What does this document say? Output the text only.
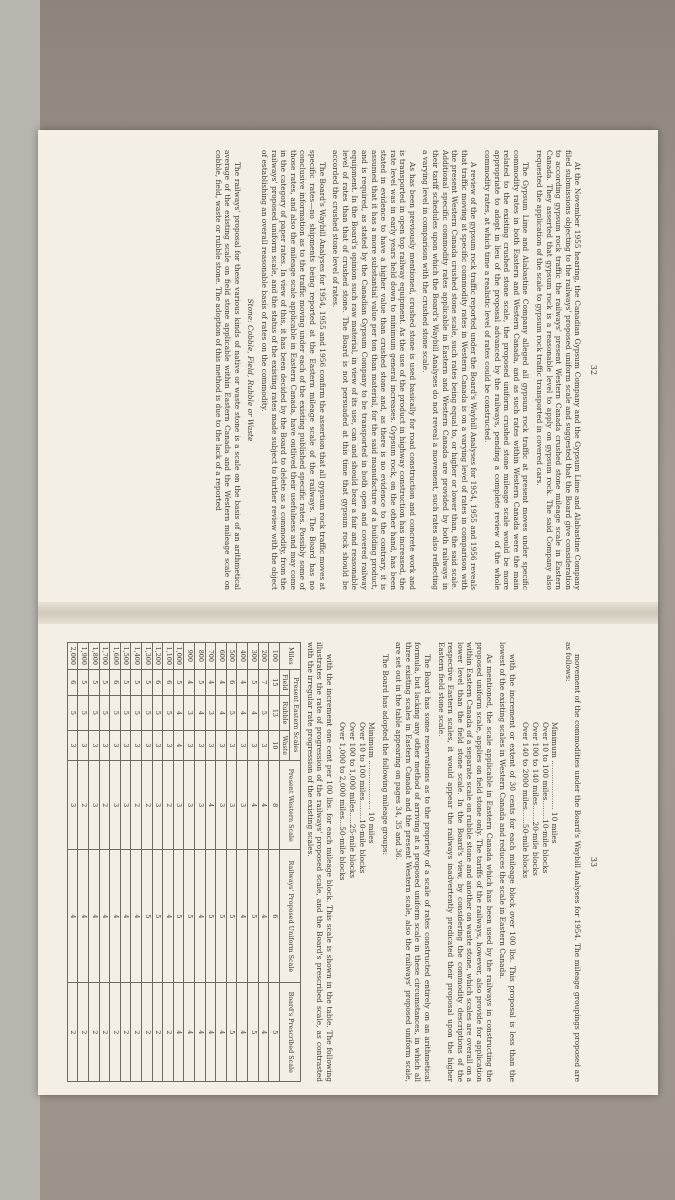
32

At the November 1955 hearing, the Canadian Gypsum Company and the Gypsum Lime and Alabastine Company filed submissions objecting to the railways' proposed uniform scale and suggested that the Board give consideration to according gypsum rock traffic the railways' present Western Canada crushed stone mileage scale in Eastern Canada. They asserted that gypsum rock is a reasonable level to apply on gypsum rock. The said Company also requested the application of the scale to gypsum rock traffic transported in covered cars.

The Gypsum Lime and Alabastine Company alleged all gypsum rock traffic at present moves under specific commodity rates in both Eastern and Western Canada, and as such rates within Western Canada were the main related to the existing crushed stone scale, the proposed uniform crushed stone mileage scale would be more appropriate to adopt in lieu of the proposal advanced by the railways, pending a complete review of the whole commodity rates, at which time a realistic level of rates could be constructed.

A review of the gypsum rock traffic reported under the Board's Waybill Analyses for 1954, 1955 and 1956 reveals that traffic moving at specific commodity rates in Western Canada is on a varying level of rates in comparison with the present Western Canada crushed stone scale, such rates being equal to, or higher or lower than, the said scale. Additional specific commodity rates applicable in Eastern and Western Canada are provided by both railways in their tariff schedules upon which the Board's Waybill Analyses do not reveal a movement, such rates also reflecting a varying level in comparison with the crushed stone scale.

As has been previously mentioned, crushed stone is used basically for road construction and concrete work and is transported in open top railway equipment. As the use of the product in highway construction has increased, the rate level was in early years held down to minimum general increases. Gypsum rock, on the other hand, has been stated in evidence to have a higher value than crushed stone and, as there is no evidence to the contrary, it is assumed that it has a more substantial value per ton than material, for the said manufacture of a building product, and is required, as stated by the Canadian Gypsum Company to be transported in both open and covered railway equipment. In the Board's opinion such raw material, in view of its use, can and should bear a fair and reasonable level of rates than that of crushed stone. The Board is not persuaded at this time that gypsum rock should be accorded the crushed stone level of rates.

The Board's Waybill Analyses for 1954, 1955 and 1956 confirm the assertion that all gypsum rock traffic moves at specific rates—no shipments being reported at the Eastern mileage scale of the railways. The Board has no conclusive information as to the traffic moving under each of the existing published specific rates. Possibly some of those rates, and also the mileage scale applicable in Eastern Canada, have outlived their usefulness and may come in the category of paper rates. In view of this, it has been decided by the Board to delete as a commodity, from the railways' proposed uniform scale, and the status of the existing rates made subject to further review with the object of establishing an overall reasonable basis of rates on the commodity.

Stone: Cobble, Field, Rubble or Waste

The railways' proposal for these various kinds of native or waste stone is a scale on the basis of an arithmetical average of the existing scale on field stone applicable within Eastern Canada and the Western mileage scale on cobble, field, waste or rubble stone. The adoption of this method is due to the lack of a reported

33

movement of the commodities under the Board's Waybill Analyses for 1954. The mileage groupings proposed are as follows:

Minimum ..................... 10 miles
Over 10 to 100 miles........10-mile blocks
Over 100 to 140 miles.......20-mile blocks
Over 140 to 2000 miles......50-mile blocks

with the increment or extent of 30 cents for each mileage block over 100 lbs. This proposal is less than the lowest of the existing scales in Western Canada and reduces the scale in Eastern Canada.

As mentioned, the scale applicable in Eastern Canada which has been used by the railways in constructing the proposed uniform scale, applies on field stone only. The tariffs of the railways, however, also provide for application within Eastern Canada of a separate scale on rubble stone and another on waste stone, which scales are overall on a lower level than the field stone scale. In the Board's view, by considering the commodity descriptions of the respective Eastern scales, it would appear the railways inadvertently predicated their proposal upon the higher Eastern field stone scale.

The Board has some reservations as to the propriety of a scale of rates constructed entirely on an arithmetical formula, but lacking any other method of arriving at a proposed uniform scale in these circumstances, in which all three existing scales in Eastern Canada and the present Western scale, also the railways' proposed uniform scale, are set out in the table appearing on pages 34, 35 and 36.

The Board has adopted the following mileage groups:

Minimum ..................... 10 miles
Over 10 to 100 miles........10-mile blocks
Over 100 to 1,000 miles.....25-mile blocks
Over 1,000 to 2,000 miles...50-mile blocks

with the increment one cent per 100 lbs. for each mileage block. This scale is shown in the table. The following illustrates the rate of progression of the railways' proposed scale, and the Board's prescribed scale, as contrasted with the irregular rate progression of the existing scales.

Miles	Present Eastern Scales			Present Western Scale	Railways' Proposed Uniform Scale	Board's Prescribed Scale
	Field	Rubble	Waste			
100	15	13	10	8	6	5
200	7	5	3	4	4	4
300	5	4	3	4	5	5
400	4	4	3	3	4	4
500	6	5	3	3	5	5
600	4	4	3	3	5	4
700	4	3	3	4	5	4
800	5	4	3	3	4	4
900	4	3	3	3	5	4
1,000	5	4	4	3	5	4
1,100	6	5	3	2	4	2
1,200	6	5	3	3	5	2
1,300	5	5	3	2	5	2
1,400	5	5	3	2	4	2
1,500	5	5	3	3	4	2
1,600	6	5	3	3	4	2
1,700	5	5	3	2	4	2
1,800	5	5	3	3	4	2
1,900	5	5	3	2	4	2
2,000	6	5	3	3	4	2
